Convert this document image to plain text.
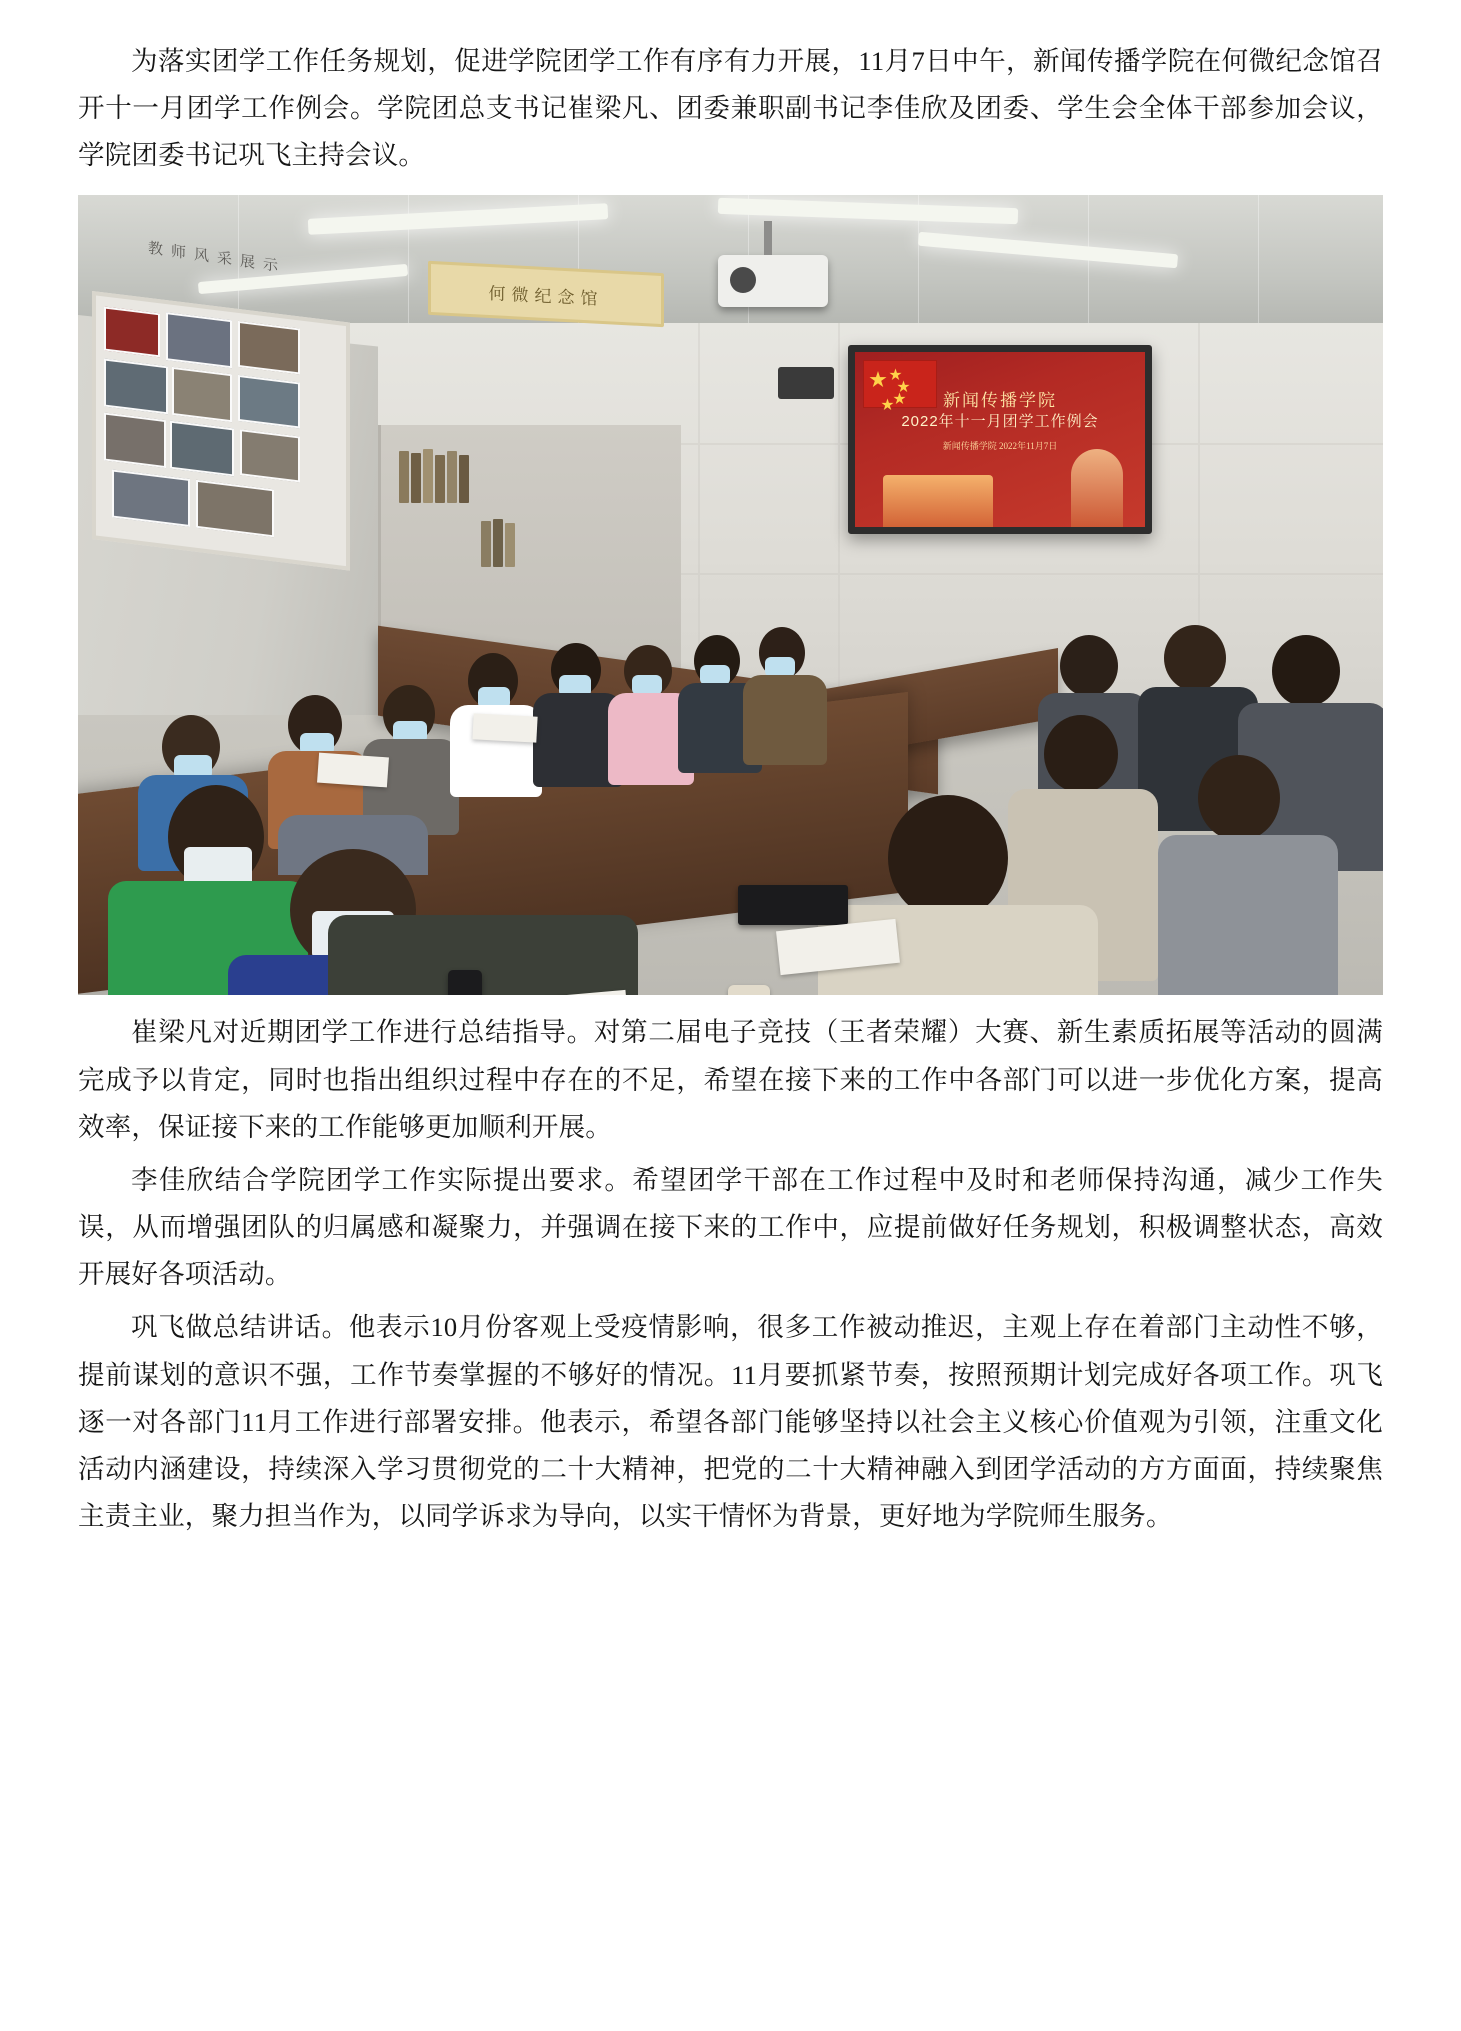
为落实团学工作任务规划，促进学院团学工作有序有力开展，11月7日中午，新闻传播学院在何微纪念馆召开十一月团学工作例会。学院团总支书记崔梁凡、团委兼职副书记李佳欣及团委、学生会全体干部参加会议，学院团委书记巩飞主持会议。

★ ★
★
★
★	新闻传播学院
2022年十一月团学工作例会
新闻传播学院 2022年11月7日
教师风采展示
何微纪念馆

崔梁凡对近期团学工作进行总结指导。对第二届电子竞技（王者荣耀）大赛、新生素质拓展等活动的圆满完成予以肯定，同时也指出组织过程中存在的不足，希望在接下来的工作中各部门可以进一步优化方案，提高效率，保证接下来的工作能够更加顺利开展。

李佳欣结合学院团学工作实际提出要求。希望团学干部在工作过程中及时和老师保持沟通，减少工作失误，从而增强团队的归属感和凝聚力，并强调在接下来的工作中，应提前做好任务规划，积极调整状态，高效开展好各项活动。

巩飞做总结讲话。他表示10月份客观上受疫情影响，很多工作被动推迟，主观上存在着部门主动性不够，提前谋划的意识不强，工作节奏掌握的不够好的情况。11月要抓紧节奏，按照预期计划完成好各项工作。巩飞逐一对各部门11月工作进行部署安排。他表示，希望各部门能够坚持以社会主义核心价值观为引领，注重文化活动内涵建设，持续深入学习贯彻党的二十大精神，把党的二十大精神融入到团学活动的方方面面，持续聚焦主责主业，聚力担当作为，以同学诉求为导向，以实干情怀为背景，更好地为学院师生服务。
